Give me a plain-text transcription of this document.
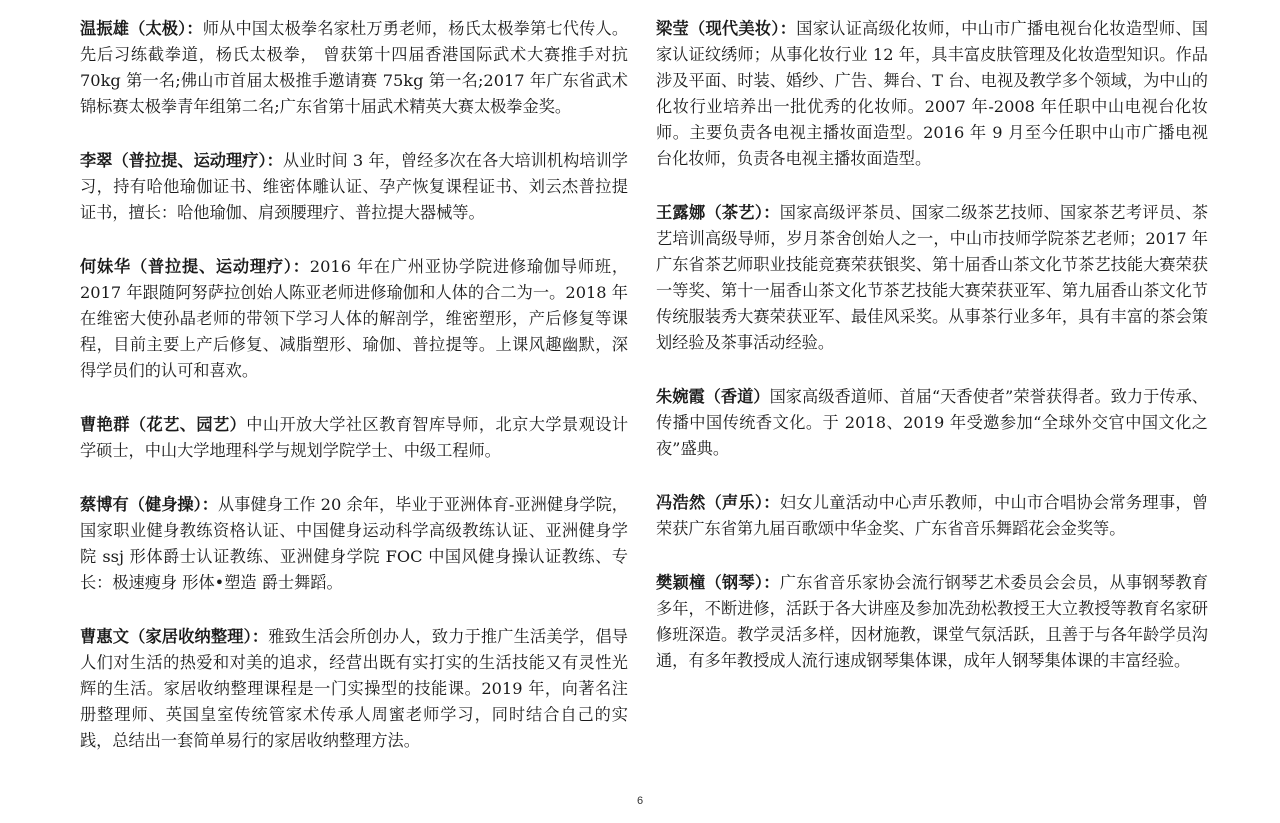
温振雄（太极）：师从中国太极拳名家杜万勇老师，杨氏太极拳第七代传人。先后习练截拳道，杨氏太极拳， 曾获第十四届香港国际武术大赛推手对抗 70kg 第一名;佛山市首届太极推手邀请赛 75kg 第一名;2017 年广东省武术锦标赛太极拳青年组第二名;广东省第十届武术精英大赛太极拳金奖。

李翠（普拉提、运动理疗）：从业时间 3 年，曾经多次在各大培训机构培训学习，持有哈他瑜伽证书、维密体雕认证、孕产恢复课程证书、刘云杰普拉提证书，擅长：哈他瑜伽、肩颈腰理疗、普拉提大器械等。

何妹华（普拉提、运动理疗）：2016 年在广州亚协学院进修瑜伽导师班，2017 年跟随阿努萨拉创始人陈亚老师进修瑜伽和人体的合二为一。2018 年在维密大使孙晶老师的带领下学习人体的解剖学，维密塑形，产后修复等课程，目前主要上产后修复、减脂塑形、瑜伽、普拉提等。上课风趣幽默，深得学员们的认可和喜欢。

曹艳群（花艺、园艺）中山开放大学社区教育智库导师，北京大学景观设计学硕士，中山大学地理科学与规划学院学士、中级工程师。

蔡博有（健身操）：从事健身工作 20 余年，毕业于亚洲体育-亚洲健身学院，国家职业健身教练资格认证、中国健身运动科学高级教练认证、亚洲健身学院 ssj 形体爵士认证教练、亚洲健身学院 FOC 中国风健身操认证教练、专长：极速瘦身 形体•塑造 爵士舞蹈。

曹惠文（家居收纳整理）：雅致生活会所创办人，致力于推广生活美学，倡导人们对生活的热爱和对美的追求，经营出既有实打实的生活技能又有灵性光辉的生活。家居收纳整理课程是一门实操型的技能课。2019 年，向著名注册整理师、英国皇室传统管家术传承人周蜜老师学习，同时结合自己的实践，总结出一套简单易行的家居收纳整理方法。

梁莹（现代美妆）：国家认证高级化妆师，中山市广播电视台化妆造型师、国家认证纹绣师；从事化妆行业 12 年，具丰富皮肤管理及化妆造型知识。作品涉及平面、时装、婚纱、广告、舞台、T 台、电视及教学多个领域，为中山的化妆行业培养出一批优秀的化妆师。2007 年-2008 年任职中山电视台化妆师。主要负责各电视主播妆面造型。2016 年 9 月至今任职中山市广播电视台化妆师，负责各电视主播妆面造型。

王露娜（茶艺）：国家高级评茶员、国家二级茶艺技师、国家茶艺考评员、茶艺培训高级导师，岁月茶舍创始人之一，中山市技师学院茶艺老师；2017 年广东省茶艺师职业技能竞赛荣获银奖、第十届香山茶文化节茶艺技能大赛荣获一等奖、第十一届香山茶文化节茶艺技能大赛荣获亚军、第九届香山茶文化节传统服装秀大赛荣获亚军、最佳风采奖。从事茶行业多年，具有丰富的茶会策划经验及茶事活动经验。

朱婉霞（香道）国家高级香道师、首届“天香使者”荣誉获得者。致力于传承、传播中国传统香文化。于 2018、2019 年受邀参加“全球外交官中国文化之夜”盛典。

冯浩然（声乐）：妇女儿童活动中心声乐教师，中山市合唱协会常务理事，曾荣获广东省第九届百歌颂中华金奖、广东省音乐舞蹈花会金奖等。

樊颖橦（钢琴）：广东省音乐家协会流行钢琴艺术委员会会员，从事钢琴教育多年，不断进修，活跃于各大讲座及参加冼劲松教授王大立教授等教育名家研修班深造。教学灵活多样，因材施教，课堂气氛活跃，且善于与各年龄学员沟通，有多年教授成人流行速成钢琴集体课，成年人钢琴集体课的丰富经验。

6
